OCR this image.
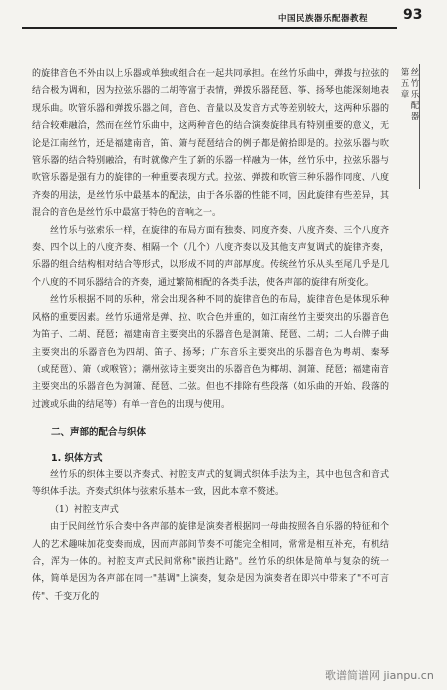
中国民族器乐配器教程 93
第
五
章
丝
竹
乐
配
器

的旋律音色不外由以上乐器或单独或组合在一起共同承担。在丝竹乐曲中，弹拨与拉弦的结合极为调和，因为拉弦乐器的二胡等富于表情，弹拨乐器琵琶、筝、扬琴也能深刻地表现乐曲。吹管乐器和弹拨乐器之间，音色、音量以及发音方式等差别较大，这两种乐器的结合较难融洽，然而在丝竹乐曲中，这两种音色的结合演奏旋律具有特别重要的意义，无论是江南丝竹，还是福建南音，笛、箫与琵琶结合的例子都是俯拾即是的。拉弦乐器与吹管乐器的结合特别融洽，有时就像产生了新的乐器一样融为一体，丝竹乐中，拉弦乐器与吹管乐器是强有力的旋律的一种重要表现方式。拉弦、弹拨和吹管三种乐器作同度、八度齐奏的用法，是丝竹乐中最基本的配法，由于各乐器的性能不同，因此旋律有些差异，其混合的音色是丝竹乐中最富于特色的音响之一。

丝竹乐与弦索乐一样，在旋律的布局方面有独奏、同度齐奏、八度齐奏、三个八度齐奏、四个以上的八度齐奏、相隔一个（几个）八度齐奏以及其他支声复调式的旋律齐奏，乐器的组合结构相对结合等形式，以形成不同的声部厚度。传统丝竹乐从头至尾几乎是几个八度的不同乐器结合的齐奏，通过繁简相配的各类手法，使各声部的旋律有所变化。

丝竹乐根据不同的乐种，常会出现各种不同的旋律音色的布局，旋律音色是体现乐种风格的重要因素。丝竹乐通常是弹、拉、吹合色并重的，如江南丝竹主要突出的乐器音色为笛子、二胡、琵琶；福建南音主要突出的乐器音色是洞箫、琵琶、二胡；二人台牌子曲主要突出的乐器音色为四胡、笛子、扬琴；广东音乐主要突出的乐器音色为粤胡、秦琴（或琵琶）、箫（或喉管）；潮州弦诗主要突出的乐器音色为椰胡、洞箫、琵琶；福建南音主要突出的乐器音色为洞箫、琵琶、二弦。但也不排除有些段落（如乐曲的开始、段落的过渡或乐曲的结尾等）有单一音色的出现与使用。

二、声部的配合与织体
1. 织体方式

丝竹乐的织体主要以齐奏式、衬腔支声式的复调式织体手法为主，其中也包含和音式等织体手法。齐奏式织体与弦索乐基本一致，因此本章不赘述。

（1）衬腔支声式

由于民间丝竹乐合奏中各声部的旋律是演奏者根据同一母曲按照各自乐器的特征和个人的艺术趣味加花变奏而成，因而声部间节奏不可能完全相同，常常是相互补充，有机结合，浑为一体的。衬腔支声式民间常称"嵌挡让路"。丝竹乐的织体是简单与复杂的统一体，简单是因为各声部在同一"基调"上演奏，复杂是因为演奏者在即兴中带来了"不可言传"、千变万化的

歌谱简谱网 jianpu.cn
